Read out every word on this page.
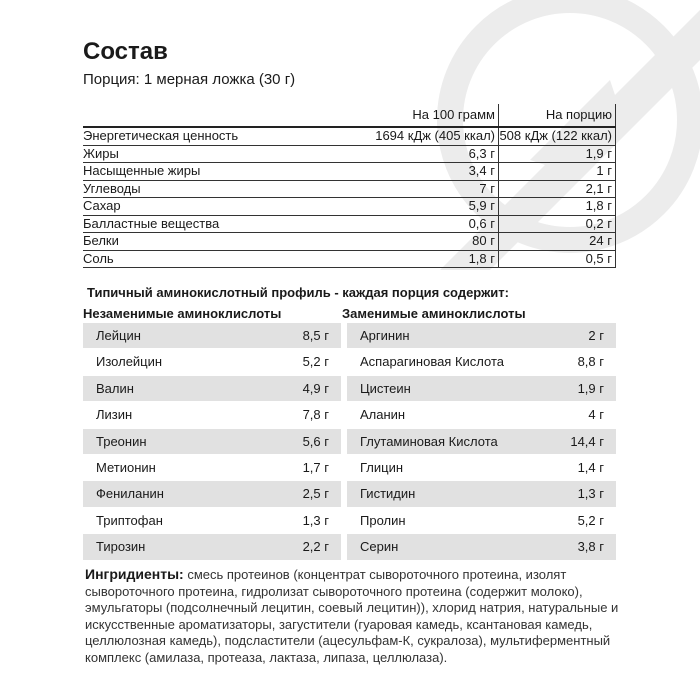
Состав
Порция: 1 мерная ложка (30 г)
На 100 грамм	На порцию
Энергетическая ценность	1694 кДж (405 ккал) 508 кДж (122 ккал)
Жиры	6,3 г	1,9 г
Насыщенные жиры	3,4 г	1 г
Углеводы	7 г	2,1 г
Сахар	5,9 г	1,8 г
Балластные вещества	0,6 г	0,2 г
Белки	80 г	24 г
Соль	1,8 г	0,5 г
Типичный аминокислотный профиль - каждая порция содержит:
Незаменимые аминоклислоты	Заменимые аминоклислоты
Лейцин	8,5 г
Изолейцин	5,2 г
Валин	4,9 г
Лизин	7,8 г
Треонин	5,6 г
Метионин	1,7 г
Фениланин	2,5 г
Триптофан	1,3 г
Тирозин	2,2 г
Аргинин	2 г
Аспарагиновая Кислота	8,8 г
Цистеин	1,9 г
Аланин	4 г
Глутаминовая Кислота	14,4 г
Глицин	1,4 г
Гистидин	1,3 г
Пролин	5,2 г
Серин	3,8 г
Ингридиенты: смесь протеинов (концентрат сывороточного протеина, изолят сывороточного протеина, гидролизат сывороточного протеина (содержит молоко), эмульгаторы (подсолнечный лецитин, соевый лецитин)), хлорид натрия, натуральные и искусственные ароматизаторы, загустители (гуаровая камедь, ксантановая камедь, целлюлозная камедь), подсластители (ацесульфам-К, сукралоза), мультиферментный комплекс (амилаза, протеаза, лактаза, липаза, целлюлаза).
